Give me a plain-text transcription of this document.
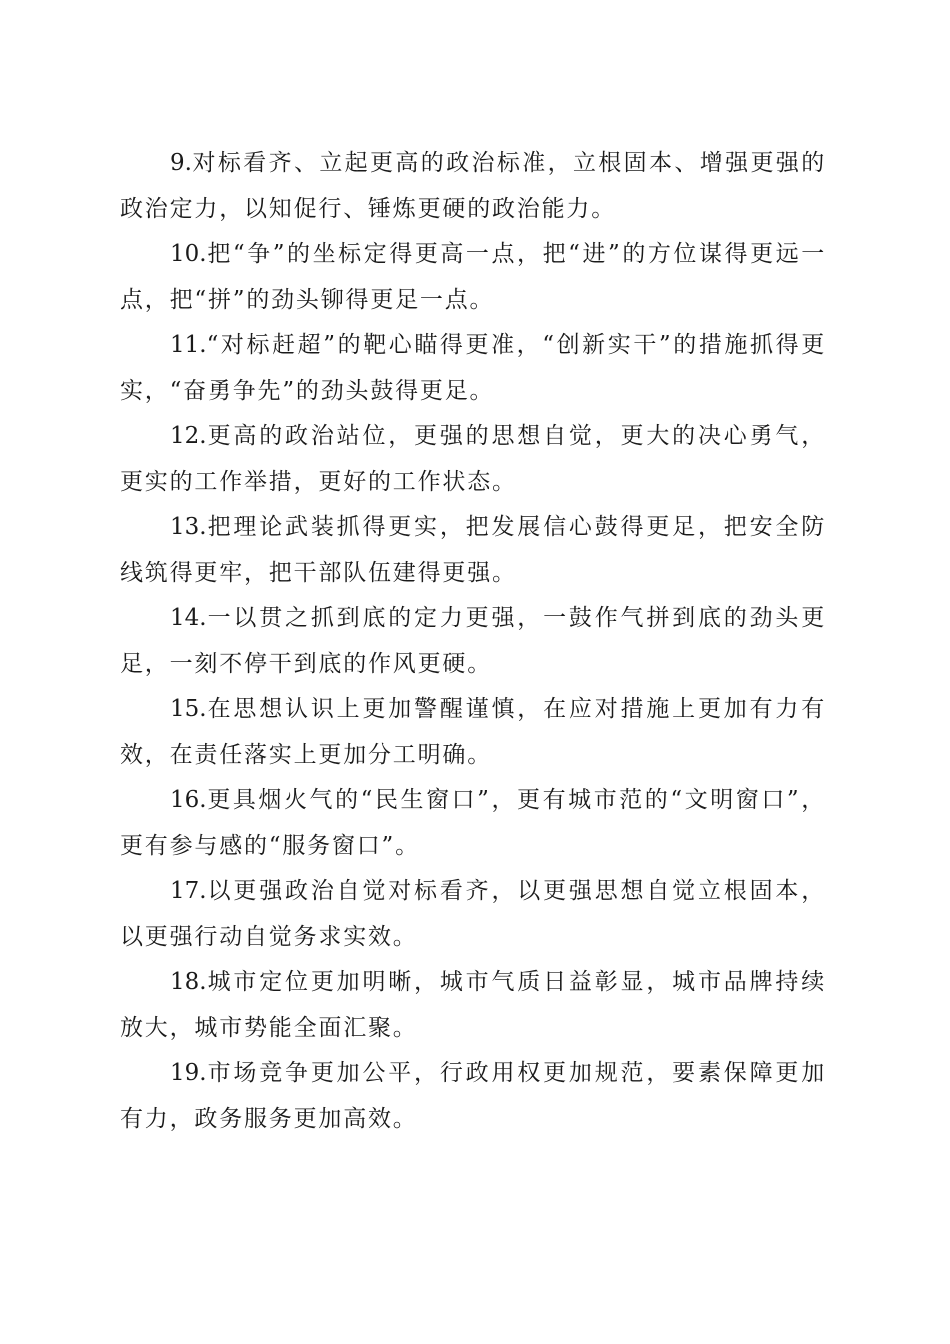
9.对标看齐、立起更高的政治标准，立根固本、增强更强的政治定力，以知促行、锤炼更硬的政治能力。

10.把“争”的坐标定得更高一点，把“进”的方位谋得更远一点，把“拼”的劲头铆得更足一点。

11.“对标赶超”的靶心瞄得更准，“创新实干”的措施抓得更实，“奋勇争先”的劲头鼓得更足。

12.更高的政治站位，更强的思想自觉，更大的决心勇气，更实的工作举措，更好的工作状态。

13.把理论武装抓得更实，把发展信心鼓得更足，把安全防线筑得更牢，把干部队伍建得更强。

14.一以贯之抓到底的定力更强，一鼓作气拼到底的劲头更足，一刻不停干到底的作风更硬。

15.在思想认识上更加警醒谨慎，在应对措施上更加有力有效，在责任落实上更加分工明确。

16.更具烟火气的“民生窗口”，更有城市范的“文明窗口”，更有参与感的“服务窗口”。

17.以更强政治自觉对标看齐，以更强思想自觉立根固本，以更强行动自觉务求实效。

18.城市定位更加明晰，城市气质日益彰显，城市品牌持续放大，城市势能全面汇聚。

19.市场竞争更加公平，行政用权更加规范，要素保障更加有力，政务服务更加高效。
